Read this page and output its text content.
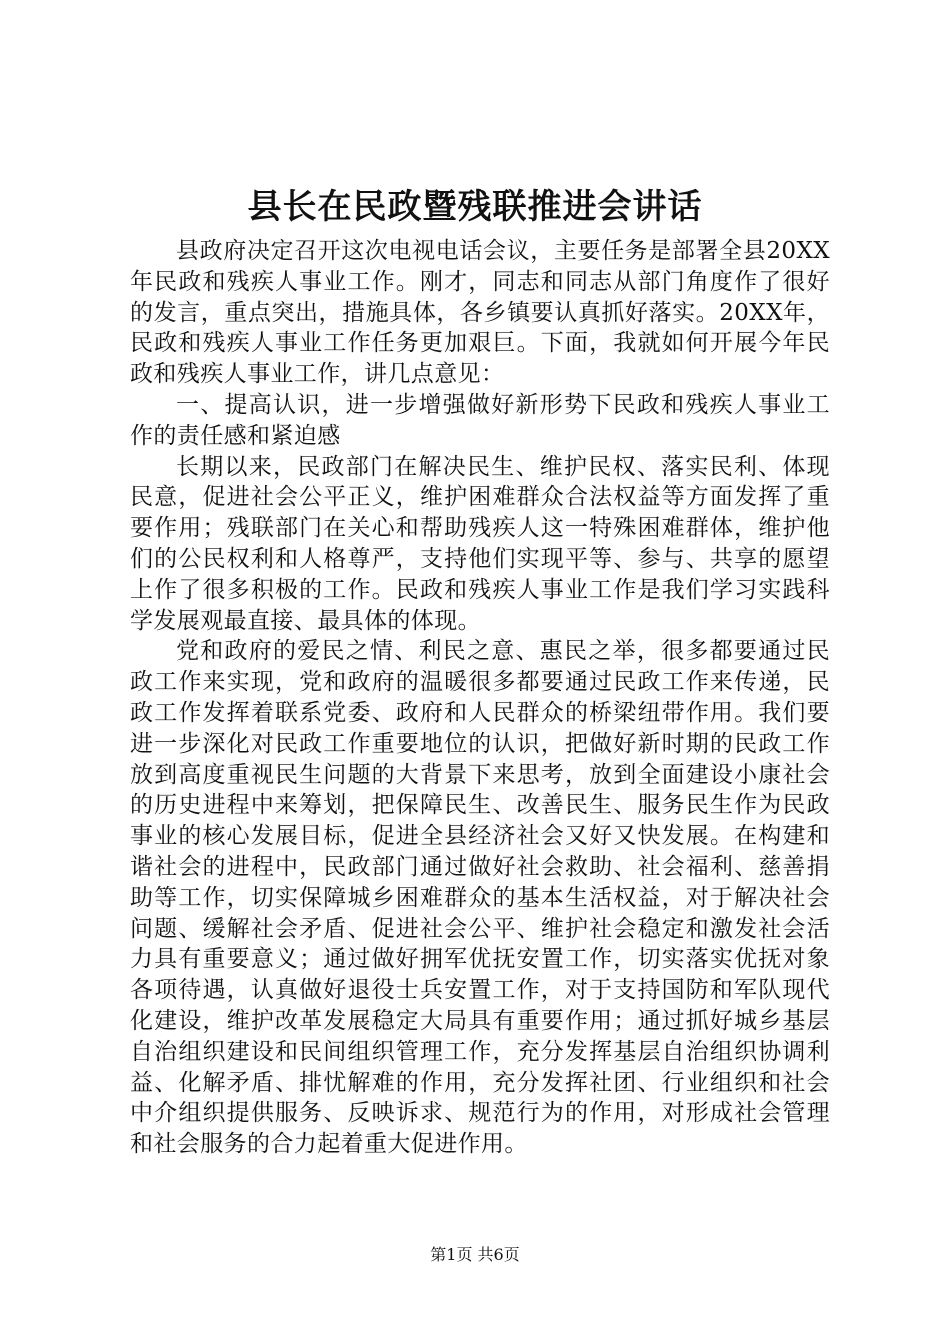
县长在民政暨残联推进会讲话

县政府决定召开这次电视电话会议，主要任务是部署全县20XX年民政和残疾人事业工作。刚才，同志和同志从部门角度作了很好的发言，重点突出，措施具体，各乡镇要认真抓好落实。20XX年，民政和残疾人事业工作任务更加艰巨。下面，我就如何开展今年民政和残疾人事业工作，讲几点意见：

一、提高认识，进一步增强做好新形势下民政和残疾人事业工作的责任感和紧迫感

长期以来，民政部门在解决民生、维护民权、落实民利、体现民意，促进社会公平正义，维护困难群众合法权益等方面发挥了重要作用；残联部门在关心和帮助残疾人这一特殊困难群体，维护他们的公民权利和人格尊严，支持他们实现平等、参与、共享的愿望上作了很多积极的工作。民政和残疾人事业工作是我们学习实践科学发展观最直接、最具体的体现。

党和政府的爱民之情、利民之意、惠民之举，很多都要通过民政工作来实现，党和政府的温暖很多都要通过民政工作来传递，民政工作发挥着联系党委、政府和人民群众的桥梁纽带作用。我们要进一步深化对民政工作重要地位的认识，把做好新时期的民政工作放到高度重视民生问题的大背景下来思考，放到全面建设小康社会的历史进程中来筹划，把保障民生、改善民生、服务民生作为民政事业的核心发展目标，促进全县经济社会又好又快发展。在构建和谐社会的进程中，民政部门通过做好社会救助、社会福利、慈善捐助等工作，切实保障城乡困难群众的基本生活权益，对于解决社会问题、缓解社会矛盾、促进社会公平、维护社会稳定和激发社会活力具有重要意义；通过做好拥军优抚安置工作，切实落实优抚对象各项待遇，认真做好退役士兵安置工作，对于支持国防和军队现代化建设，维护改革发展稳定大局具有重要作用；通过抓好城乡基层自治组织建设和民间组织管理工作，充分发挥基层自治组织协调利益、化解矛盾、排忧解难的作用，充分发挥社团、行业组织和社会中介组织提供服务、反映诉求、规范行为的作用，对形成社会管理和社会服务的合力起着重大促进作用。

第1页 共6页
